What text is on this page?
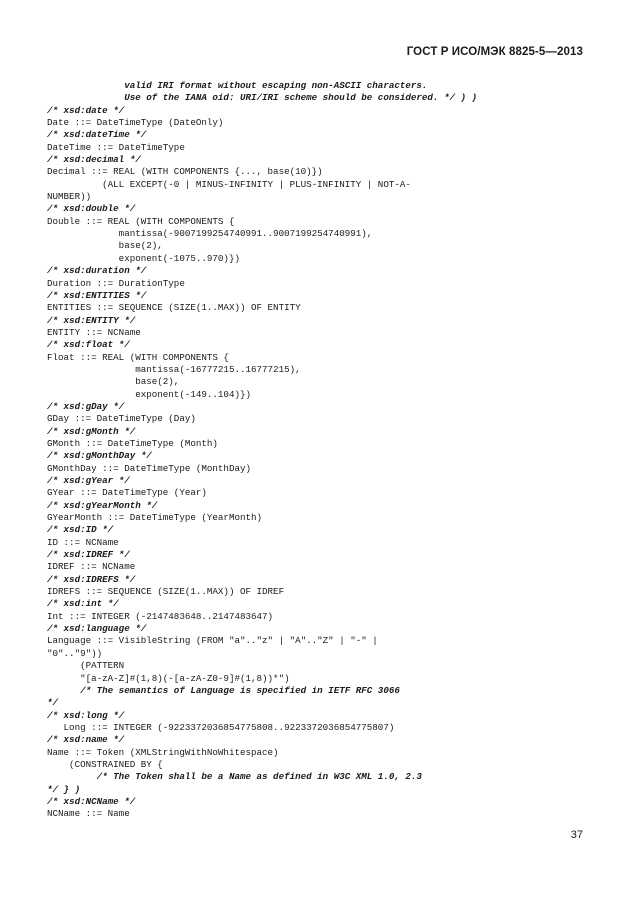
ГОСТ Р ИСО/МЭК 8825-5—2013
valid IRI format without escaping non-ASCII characters.
Use of the IANA oid: URI/IRI scheme should be considered. */ ) )
/* xsd:date */
Date ::= DateTimeType (DateOnly)
/* xsd:dateTime */
DateTime ::= DateTimeType
/* xsd:decimal */
Decimal ::= REAL (WITH COMPONENTS {..., base(10)})
(ALL EXCEPT(-0 | MINUS-INFINITY | PLUS-INFINITY | NOT-A-
NUMBER))
/* xsd:double */
Double ::= REAL (WITH COMPONENTS {
mantissa(-9007199254740991..9007199254740991),
base(2),
exponent(-1075..970)})
/* xsd:duration */
Duration ::= DurationType
/* xsd:ENTITIES */
ENTITIES ::= SEQUENCE (SIZE(1..MAX)) OF ENTITY
/* xsd:ENTITY */
ENTITY ::= NCName
/* xsd:float */
Float ::= REAL (WITH COMPONENTS {
mantissa(-16777215..16777215),
base(2),
exponent(-149..104)})
/* xsd:gDay */
GDay ::= DateTimeType (Day)
/* xsd:gMonth */
GMonth ::= DateTimeType (Month)
/* xsd:gMonthDay */
GMonthDay ::= DateTimeType (MonthDay)
/* xsd:gYear */
GYear ::= DateTimeType (Year)
/* xsd:gYearMonth */
GYearMonth ::= DateTimeType (YearMonth)
/* xsd:ID */
ID ::= NCName
/* xsd:IDREF */
IDREF ::= NCName
/* xsd:IDREFS */
IDREFS ::= SEQUENCE (SIZE(1..MAX)) OF IDREF
/* xsd:int */
Int ::= INTEGER (-2147483648..2147483647)
/* xsd:language */
Language ::= VisibleString (FROM "a".."z" | "A".."Z" | "-" |
"0".."9"))
(PATTERN
"[a-zA-Z]#(1,8)(-[a-zA-Z0-9]#(1,8))*")
/* The semantics of Language is specified in IETF RFC 3066
*/
/* xsd:long */
Long ::= INTEGER (-9223372036854775808..9223372036854775807)
/* xsd:name */
Name ::= Token (XMLStringWithNoWhitespace)
(CONSTRAINED BY {
/* The Token shall be a Name as defined in W3C XML 1.0, 2.3
*/ } )
/* xsd:NCName */
NCName ::= Name
37
